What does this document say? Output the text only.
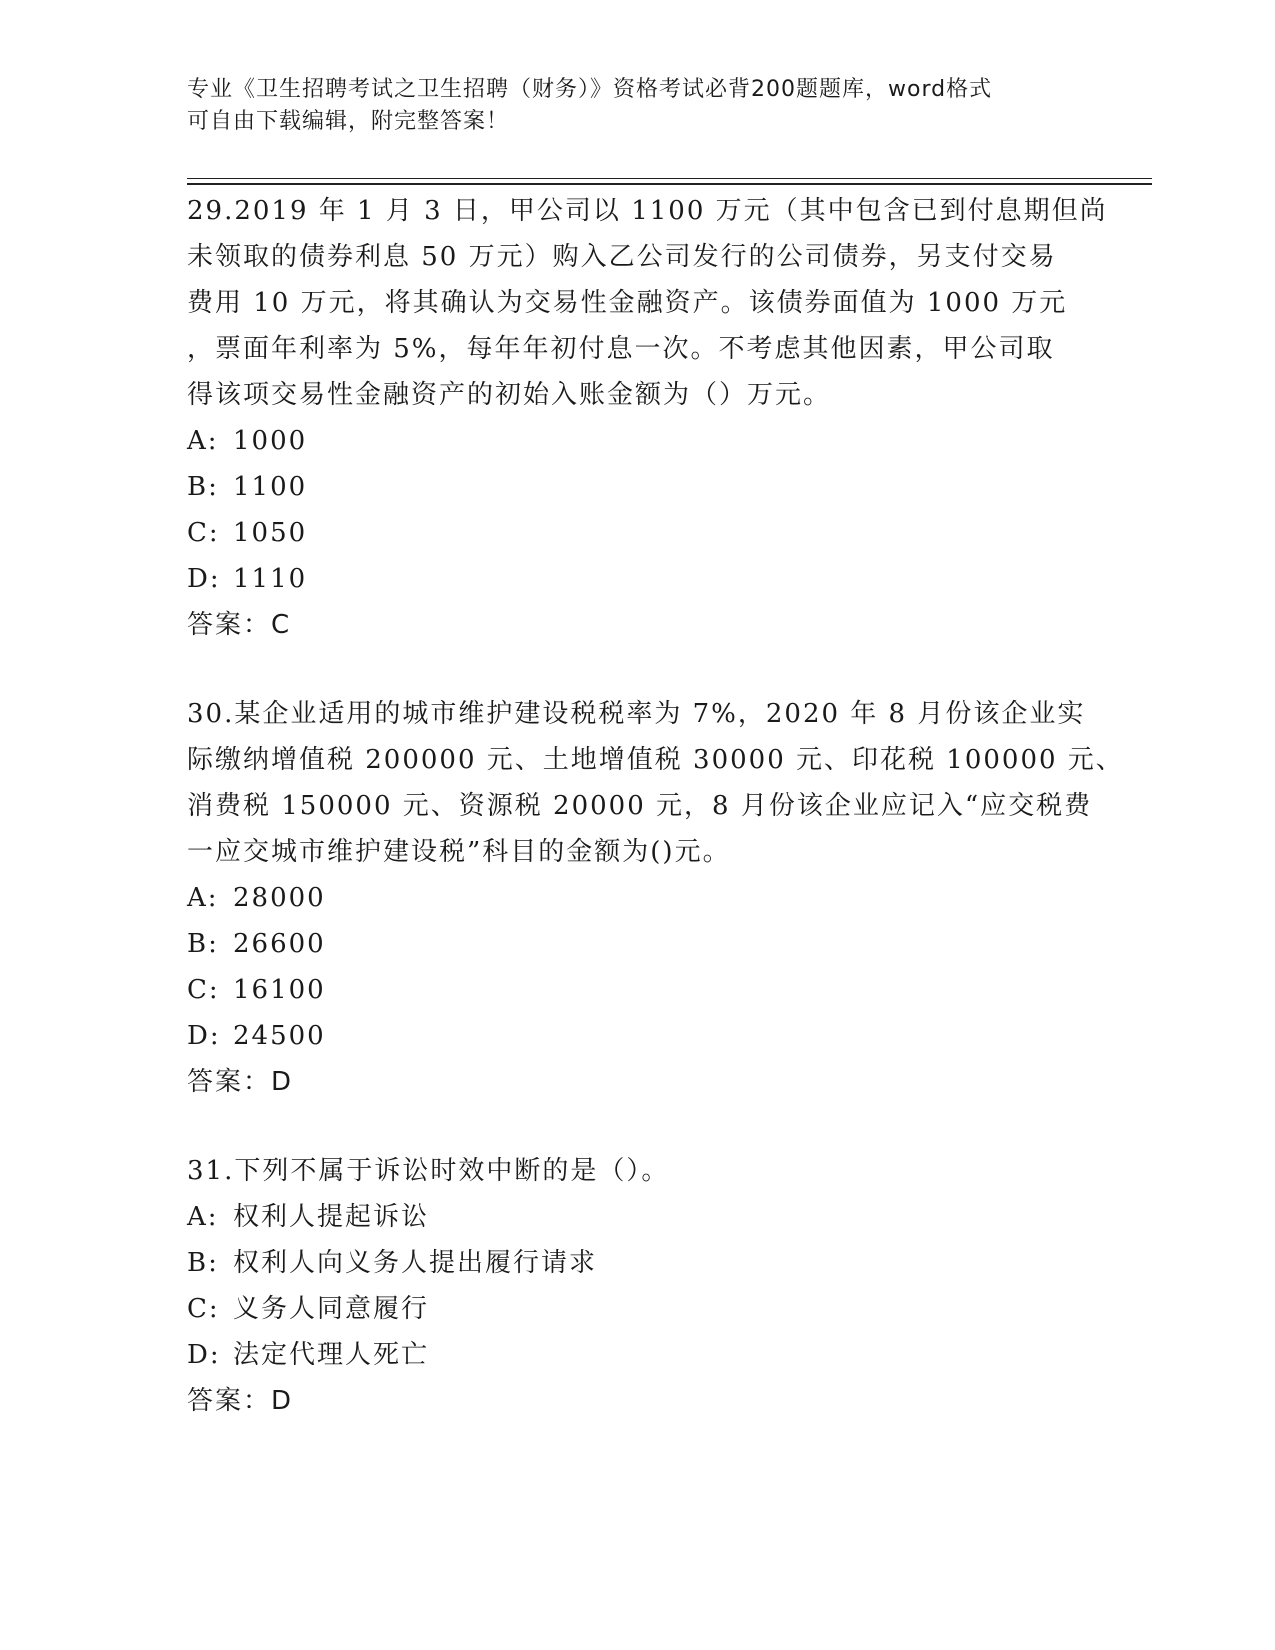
专业《卫生招聘考试之卫生招聘（财务）》资格考试必背200题题库，word格式
可自由下载编辑，附完整答案！
29.2019 年 1 月 3 日，甲公司以 1100 万元（其中包含已到付息期但尚
未领取的债券利息 50 万元）购入乙公司发行的公司债券，另支付交易
费用 10 万元，将其确认为交易性金融资产。该债券面值为 1000 万元
，票面年利率为 5%，每年年初付息一次。不考虑其他因素，甲公司取
得该项交易性金融资产的初始入账金额为（）万元。
A: 1000
B: 1100
C: 1050
D: 1110
答案：C
30.某企业适用的城市维护建设税税率为 7%，2020 年 8 月份该企业实
际缴纳增值税 200000 元、土地增值税 30000 元、印花税 100000 元、
消费税 150000 元、资源税 20000 元，8 月份该企业应记入“应交税费
一应交城市维护建设税”科目的金额为()元。
A: 28000
B: 26600
C: 16100
D: 24500
答案：D
31.下列不属于诉讼时效中断的是（）。
A: 权利人提起诉讼
B: 权利人向义务人提出履行请求
C: 义务人同意履行
D: 法定代理人死亡
答案：D
